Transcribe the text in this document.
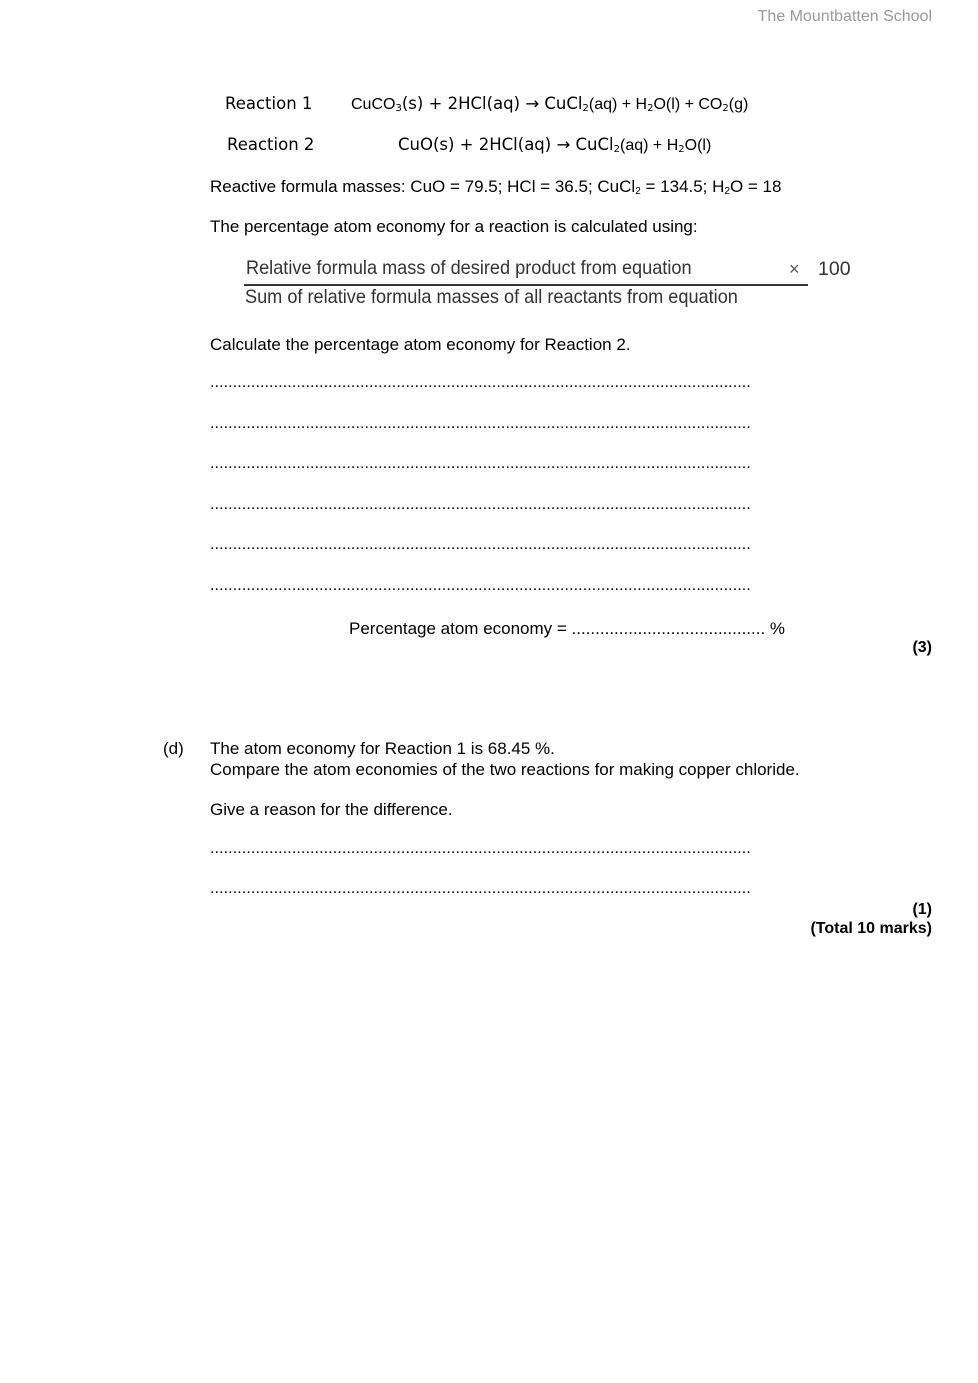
The Mountbatten School
Reaction 1 CuCO$_3$(s) + 2HCl(aq) → CuCl$_2$(aq) + $H_2O(l) + CO_2(g)$
Reaction 2	CuO(s) + 2HCl(aq) → CuCl$_2$(aq) + $H_2O(l)$
Reactive formula masses: CuO = 79.5; HCl = 36.5; CuCl$_2$ = 134.5; $H_2O = 18$
The percentage atom economy for a reaction is calculated using:
Relative formula mass of desired product from equation
Sum of relative formula masses of all reactants from equation
× 100
Calculate the percentage atom economy for Reaction 2.
.......................................................................................................................
.......................................................................................................................
.......................................................................................................................
.......................................................................................................................
.......................................................................................................................
.......................................................................................................................
Percentage atom economy = ......................................... %
(3)
(d) The atom economy for Reaction 1 is 68.45 %.
Compare the atom economies of the two reactions for making copper chloride.
Give a reason for the difference.
.......................................................................................................................
.......................................................................................................................
(1)
(Total 10 marks)
